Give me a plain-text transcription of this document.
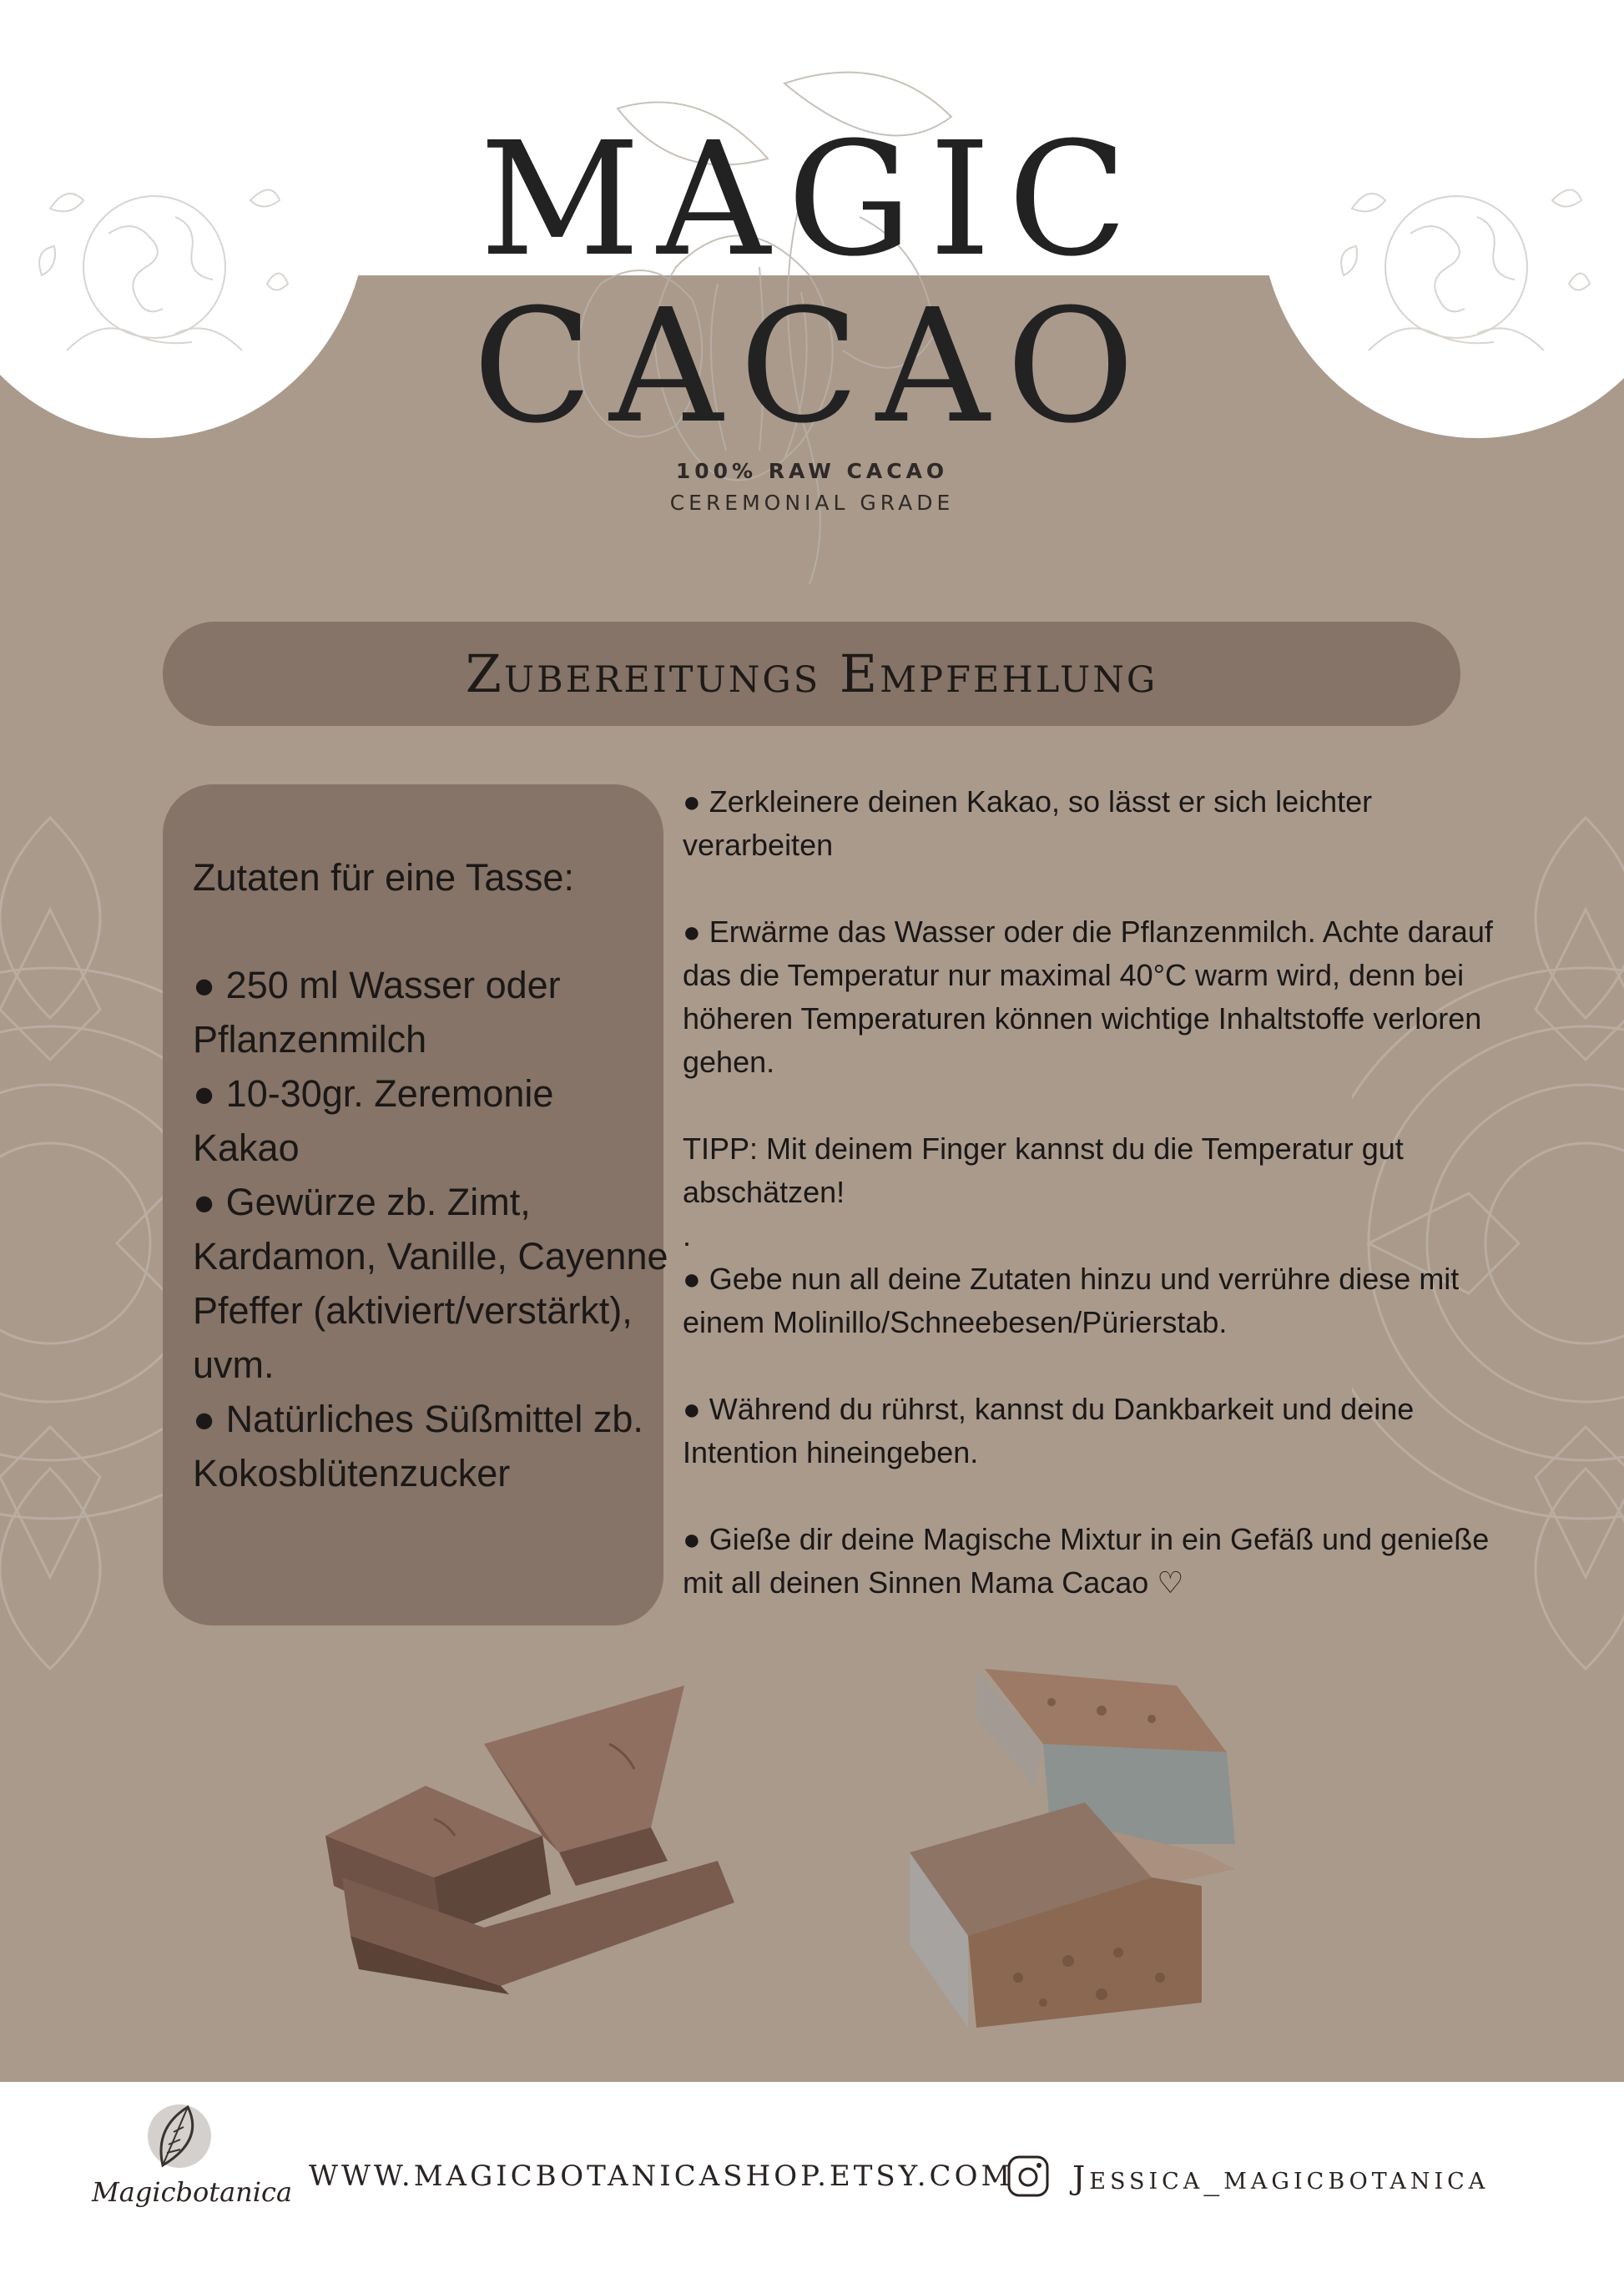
MAGIC
CACAO
100% RAW CACAO
CEREMONIAL GRADE
Zubereitungs Empfehlung
Zutaten für eine Tasse:
● 250 ml Wasser oder Pflanzenmilch
● 10-30gr. Zeremonie Kakao
● Gewürze zb. Zimt, Kardamon, Vanille, Cayenne Pfeffer (aktiviert/verstärkt), uvm.
● Natürliches Süßmittel zb. Kokosblütenzucker

● Zerkleinere deinen Kakao, so lässt er sich leichter verarbeiten

● Erwärme das Wasser oder die Pflanzenmilch. Achte darauf das die Temperatur nur maximal 40°C warm wird, denn bei höheren Temperaturen können wichtige Inhaltstoffe verloren gehen.

TIPP: Mit deinem Finger kannst du die Temperatur gut abschätzen!

.

● Gebe nun all deine Zutaten hinzu und verrühre diese mit einem Molinillo/Schneebesen/Pürierstab.

● Während du rührst, kannst du Dankbarkeit und deine Intention hineingeben.

● Gieße dir deine Magische Mixtur in ein Gefäß und genieße mit all deinen Sinnen Mama Cacao ♡

Magicbotanica WWW.MAGICBOTANICASHOP.ETSY.COM Jessica_magicbotanica
